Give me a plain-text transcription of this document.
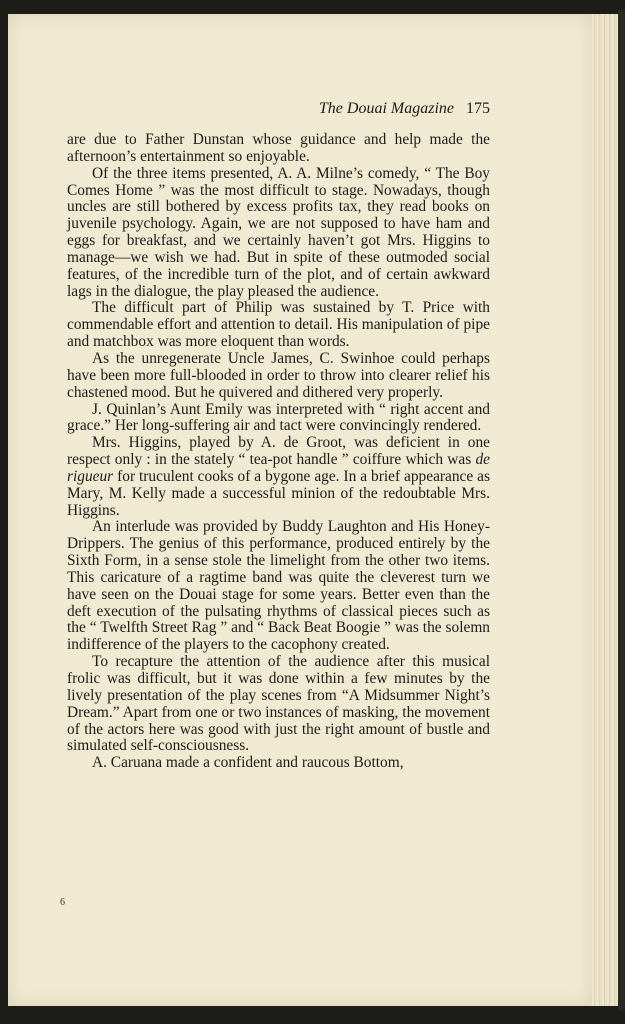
The Douai Magazine 175

are due to Father Dunstan whose guidance and help made the afternoon’s entertainment so enjoyable.

Of the three items presented, A. A. Milne’s comedy, “ The Boy Comes Home ” was the most difficult to stage. Nowadays, though uncles are still bothered by excess profits tax, they read books on juvenile psychology. Again, we are not supposed to have ham and eggs for breakfast, and we certainly haven’t got Mrs. Higgins to manage—we wish we had. But in spite of these outmoded social features, of the incredible turn of the plot, and of certain awkward lags in the dialogue, the play pleased the audience.

The difficult part of Philip was sustained by T. Price with commendable effort and attention to detail. His manipulation of pipe and matchbox was more eloquent than words.

As the unregenerate Uncle James, C. Swinhoe could perhaps have been more full-blooded in order to throw into clearer relief his chastened mood. But he quivered and dithered very properly.

J. Quinlan’s Aunt Emily was interpreted with “ right accent and grace.” Her long-suffering air and tact were convincingly rendered.

Mrs. Higgins, played by A. de Groot, was deficient in one respect only : in the stately “ tea-pot handle ” coiffure which was de rigueur for truculent cooks of a bygone age. In a brief appearance as Mary, M. Kelly made a successful minion of the redoubtable Mrs. Higgins.

An interlude was provided by Buddy Laughton and His Honey-Drippers. The genius of this performance, produced entirely by the Sixth Form, in a sense stole the limelight from the other two items. This caricature of a ragtime band was quite the cleverest turn we have seen on the Douai stage for some years. Better even than the deft execution of the pulsating rhythms of classical pieces such as the “ Twelfth Street Rag ” and “ Back Beat Boogie ” was the solemn indifference of the players to the cacophony created.

To recapture the attention of the audience after this musical frolic was difficult, but it was done within a few minutes by the lively presentation of the play scenes from “A Midsummer Night’s Dream.” Apart from one or two instances of masking, the movement of the actors here was good with just the right amount of bustle and simulated self-consciousness.

A. Caruana made a confident and raucous Bottom,

6
